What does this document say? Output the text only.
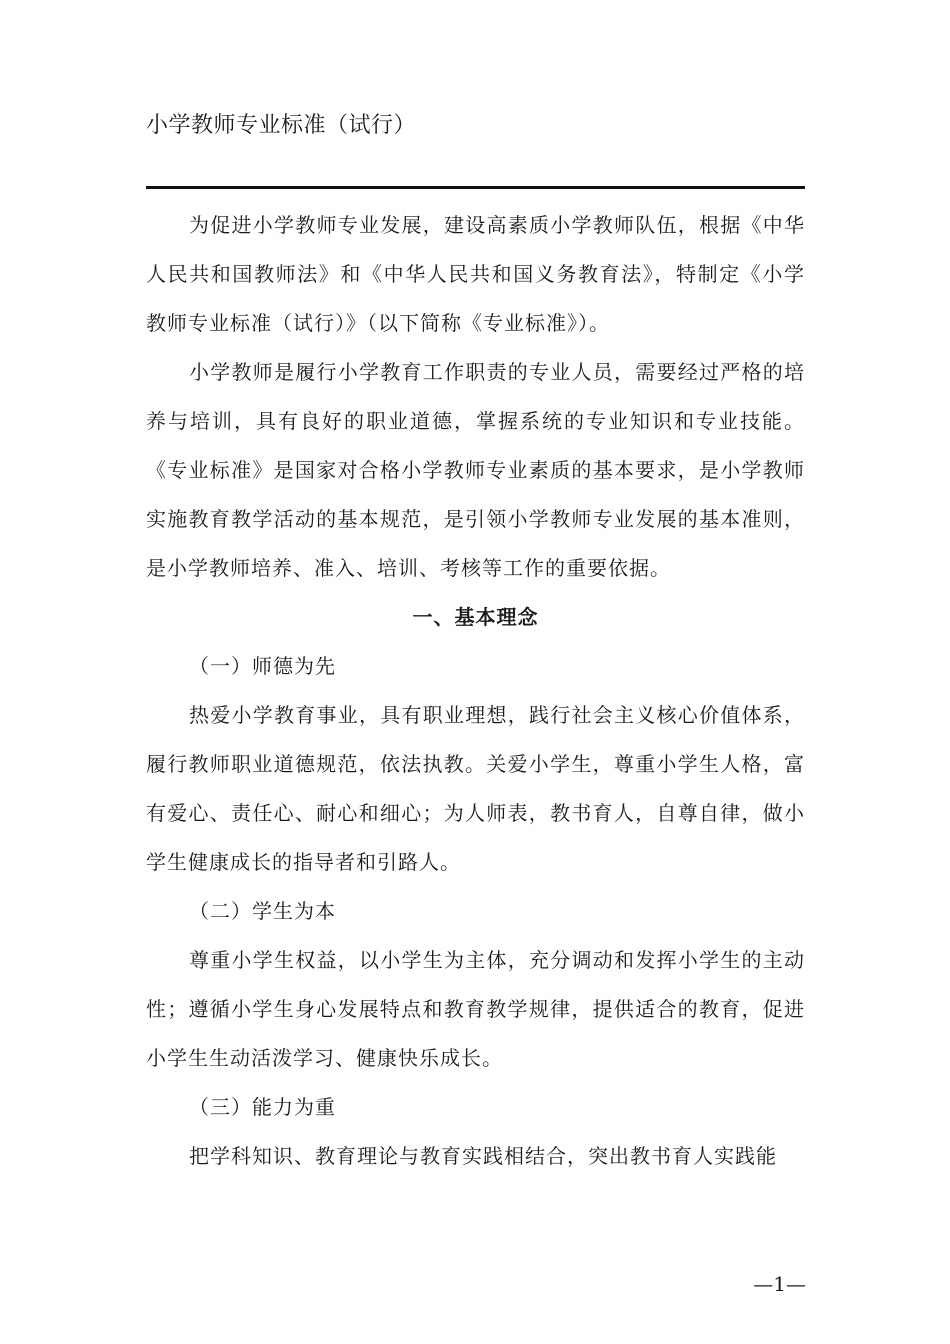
小学教师专业标准（试行）

为促进小学教师专业发展，建设高素质小学教师队伍，根据《中华人民共和国教师法》和《中华人民共和国义务教育法》，特制定《小学教师专业标准（试行）》（以下简称《专业标准》）。

小学教师是履行小学教育工作职责的专业人员，需要经过严格的培养与培训，具有良好的职业道德，掌握系统的专业知识和专业技能。《专业标准》是国家对合格小学教师专业素质的基本要求，是小学教师实施教育教学活动的基本规范，是引领小学教师专业发展的基本准则，是小学教师培养、准入、培训、考核等工作的重要依据。

一、基本理念
（一）师德为先

热爱小学教育事业，具有职业理想，践行社会主义核心价值体系，履行教师职业道德规范，依法执教。关爱小学生，尊重小学生人格，富有爱心、责任心、耐心和细心；为人师表，教书育人，自尊自律，做小学生健康成长的指导者和引路人。

（二）学生为本

尊重小学生权益，以小学生为主体，充分调动和发挥小学生的主动性；遵循小学生身心发展特点和教育教学规律，提供适合的教育，促进小学生生动活泼学习、健康快乐成长。

（三）能力为重

把学科知识、教育理论与教育实践相结合，突出教书育人实践能

—1—
